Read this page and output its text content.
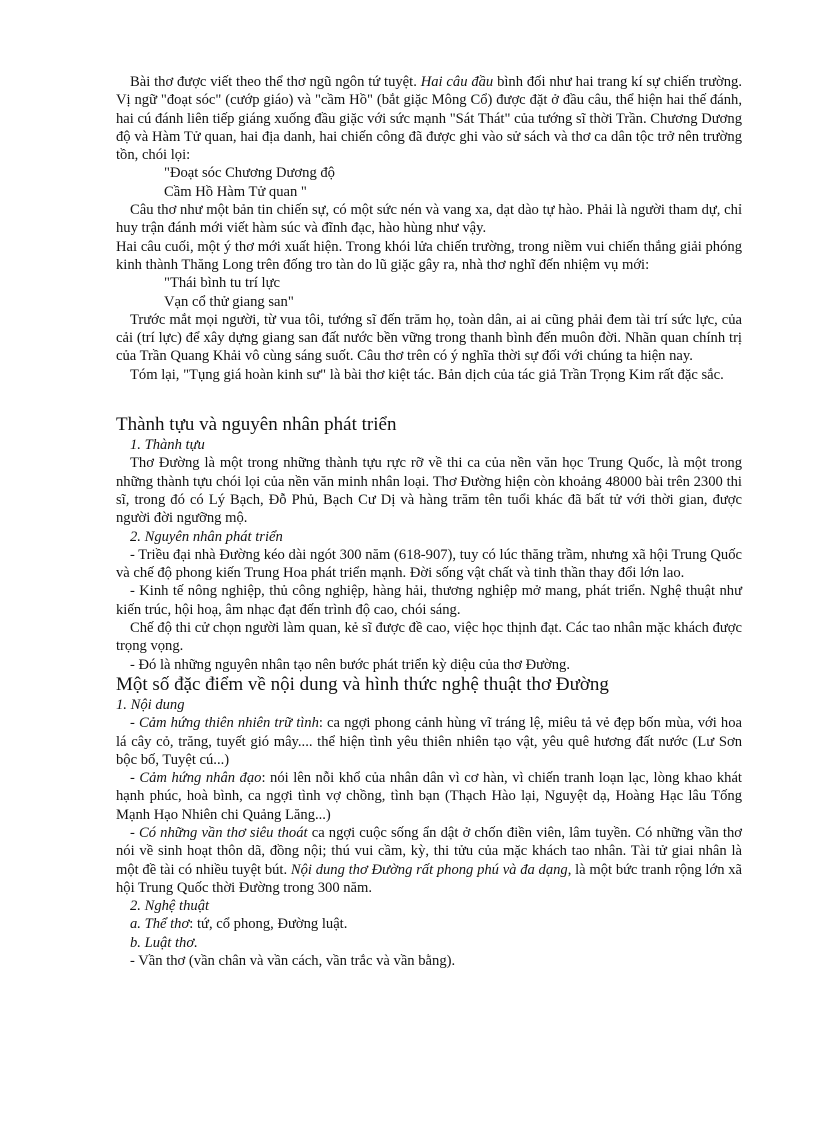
Bài thơ được viết theo thể thơ ngũ ngôn tứ tuyệt. Hai câu đầu bình đối như hai trang kí sự chiến trường. Vị ngữ "đoạt sóc" (cướp giáo) và "cầm Hồ" (bắt giặc Mông Cổ) được đặt ở đầu câu, thể hiện hai thế đánh, hai cú đánh liên tiếp giáng xuống đầu giặc với sức mạnh "Sát Thát" của tướng sĩ thời Trần. Chương Dương độ và Hàm Tử quan, hai địa danh, hai chiến công đã được ghi vào sử sách và thơ ca dân tộc trở nên trường tồn, chói lọi:

"Đoạt sóc Chương Dương độ

Cầm Hồ Hàm Tử quan "

Câu thơ như một bản tin chiến sự, có một sức nén và vang xa, dạt dào tự hào. Phải là người tham dự, chỉ huy trận đánh mới viết hàm súc và đĩnh đạc, hào hùng như vậy.

Hai câu cuối, một ý thơ mới xuất hiện. Trong khói lửa chiến trường, trong niềm vui chiến thắng giải phóng kinh thành Thăng Long trên đống tro tàn do lũ giặc gây ra, nhà thơ nghĩ đến nhiệm vụ mới:

"Thái bình tu trí lực

Vạn cổ thử giang san"

Trước mắt mọi người, từ vua tôi, tướng sĩ đến trăm họ, toàn dân, ai ai cũng phải đem tài trí sức lực, của cải (trí lực) để xây dựng giang san đất nước bền vững trong thanh bình đến muôn đời. Nhãn quan chính trị của Trần Quang Khải vô cùng sáng suốt. Câu thơ trên có ý nghĩa thời sự đối với chúng ta hiện nay.

Tóm lại, "Tụng giá hoàn kinh sư" là bài thơ kiệt tác. Bản dịch của tác giả Trần Trọng Kim rất đặc sắc.

Thành tựu và nguyên nhân phát triển

1. Thành tựu

Thơ Đường là một trong những thành tựu rực rỡ về thi ca của nền văn học Trung Quốc, là một trong những thành tựu chói lọi của nền văn minh nhân loại. Thơ Đường hiện còn khoảng 48000 bài trên 2300 thi sĩ, trong đó có Lý Bạch, Đỗ Phủ, Bạch Cư Dị và hàng trăm tên tuổi khác đã bất tử với thời gian, được người đời ngưỡng mộ.

2. Nguyên nhân phát triển

- Triều đại nhà Đường kéo dài ngót 300 năm (618-907), tuy có lúc thăng trầm, nhưng xã hội Trung Quốc và chế độ phong kiến Trung Hoa phát triển mạnh. Đời sống vật chất và tinh thần thay đổi lớn lao.

- Kinh tế nông nghiệp, thủ công nghiệp, hàng hải, thương nghiệp mở mang, phát triển. Nghệ thuật như kiến trúc, hội hoạ, âm nhạc đạt đến trình độ cao, chói sáng.

Chế độ thi cử chọn người làm quan, kẻ sĩ được đề cao, việc học thịnh đạt. Các tao nhân mặc khách được trọng vọng.

- Đó là những nguyên nhân tạo nên bước phát triển kỳ diệu của thơ Đường.

Một số đặc điểm về nội dung và hình thức nghệ thuật thơ Đường

1. Nội dung

- Cảm hứng thiên nhiên trữ tình: ca ngợi phong cảnh hùng vĩ tráng lệ, miêu tả vẻ đẹp bốn mùa, với hoa lá cây cỏ, trăng, tuyết gió mây.... thể hiện tình yêu thiên nhiên tạo vật, yêu quê hương đất nước (Lư Sơn bộc bố, Tuyệt cú...)

- Cảm hứng nhân đạo: nói lên nỗi khổ của nhân dân vì cơ hàn, vì chiến tranh loạn lạc, lòng khao khát hạnh phúc, hoà bình, ca ngợi tình vợ chồng, tình bạn (Thạch Hào lại, Nguyệt dạ, Hoàng Hạc lâu Tống Mạnh Hạo Nhiên chi Quảng Lăng...)

- Có những vần thơ siêu thoát ca ngợi cuộc sống ẩn dật ở chốn điền viên, lâm tuyền. Có những vần thơ nói về sinh hoạt thôn dã, đồng nội; thú vui cầm, kỳ, thi tửu của mặc khách tao nhân. Tài tử giai nhân là một đề tài có nhiều tuyệt bút. Nội dung thơ Đường rất phong phú và đa dạng, là một bức tranh rộng lớn xã hội Trung Quốc thời Đường trong 300 năm.

2. Nghệ thuật

a. Thể thơ: tứ, cổ phong, Đường luật.

b. Luật thơ.

- Vần thơ (vần chân và vần cách, vần trắc và vần bằng).
